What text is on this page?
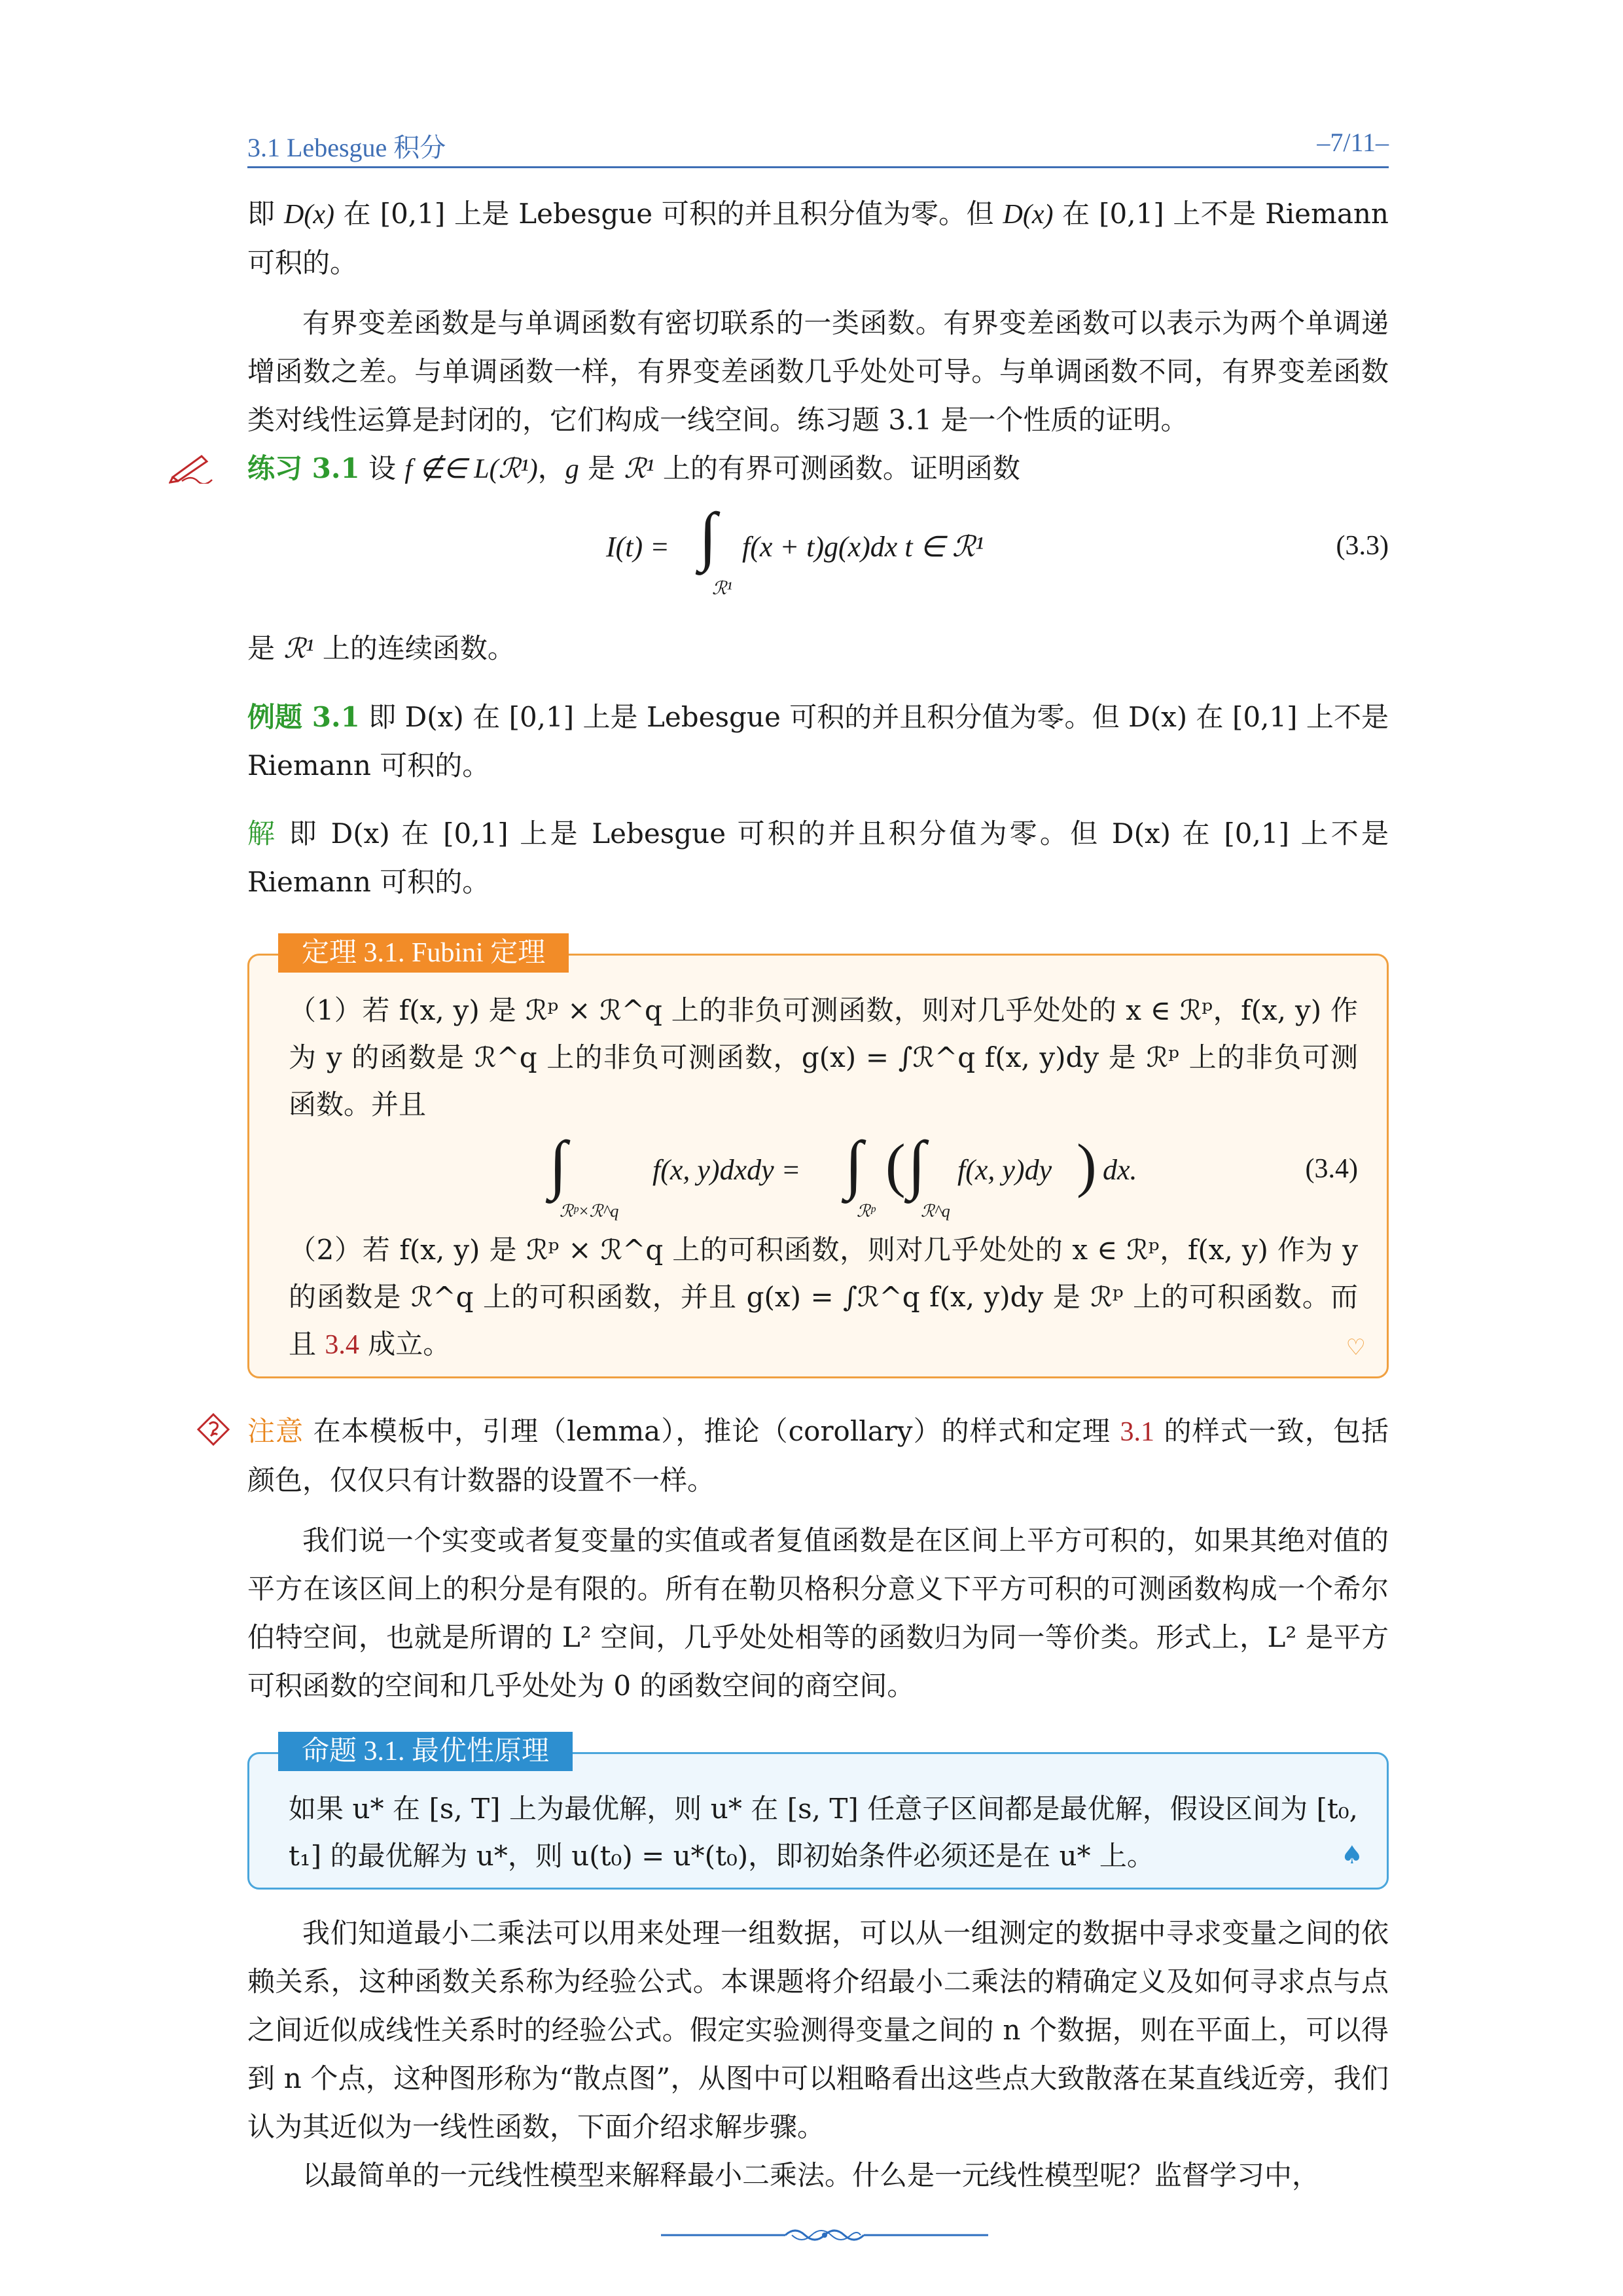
3.1 Lebesgue 积分	–7/11–

即 D(x) 在 [0,1] 上是 Lebesgue 可积的并且积分值为零。但 D(x) 在 [0,1] 上不是 Riemann 可积的。

有界变差函数是与单调函数有密切联系的一类函数。有界变差函数可以表示为两个单调递增函数之差。与单调函数一样，有界变差函数几乎处处可导。与单调函数不同，有界变差函数类对线性运算是封闭的，它们构成一线空间。练习题 3.1 是一个性质的证明。

练习 3.1 设 f ∉∈ L(ℛ¹)，g 是 ℛ¹ 上的有界可测函数。证明函数

I(t) = ∫
ℛ¹
f(x + t)g(x)dx t ∈ ℛ¹	(3.3)

是 ℛ¹ 上的连续函数。

例题 3.1 即 D(x) 在 [0,1] 上是 Lebesgue 可积的并且积分值为零。但 D(x) 在 [0,1] 上不是 Riemann 可积的。

解 即 D(x) 在 [0,1] 上是 Lebesgue 可积的并且积分值为零。但 D(x) 在 [0,1] 上不是 Riemann 可积的。

定理 3.1. Fubini 定理

（1）若 f(x, y) 是 ℛᵖ × ℛ^q 上的非负可测函数，则对几乎处处的 x ∈ ℛᵖ，f(x, y) 作为 y 的函数是 ℛ^q 上的非负可测函数，g(x) = ∫ℛ^q f(x, y)dy 是 ℛᵖ 上的非负可测函数。并且

∫
ℛᵖ×ℛ^q
f(x, y)dxdy = ∫
ℛᵖ
( ∫
ℛ^q
f(x, y)dy ) dx.	(3.4)

（2）若 f(x, y) 是 ℛᵖ × ℛ^q 上的可积函数，则对几乎处处的 x ∈ ℛᵖ，f(x, y) 作为 y 的函数是 ℛ^q 上的可积函数，并且 g(x) = ∫ℛ^q f(x, y)dy 是 ℛᵖ 上的可积函数。而且 3.4 成立。	♡

注意 在本模板中，引理（lemma），推论（corollary）的样式和定理 3.1 的样式一致，包括颜色，仅仅只有计数器的设置不一样。

我们说一个实变或者复变量的实值或者复值函数是在区间上平方可积的，如果其绝对值的平方在该区间上的积分是有限的。所有在勒贝格积分意义下平方可积的可测函数构成一个希尔伯特空间，也就是所谓的 L² 空间，几乎处处相等的函数归为同一等价类。形式上，L² 是平方可积函数的空间和几乎处处为 0 的函数空间的商空间。

命题 3.1. 最优性原理

如果 u* 在 [s, T] 上为最优解，则 u* 在 [s, T] 任意子区间都是最优解，假设区间为 [t₀, t₁] 的最优解为 u*，则 u(t₀) = u*(t₀)，即初始条件必须还是在 u* 上。	♠

我们知道最小二乘法可以用来处理一组数据，可以从一组测定的数据中寻求变量之间的依赖关系，这种函数关系称为经验公式。本课题将介绍最小二乘法的精确定义及如何寻求点与点之间近似成线性关系时的经验公式。假定实验测得变量之间的 n 个数据，则在平面上，可以得到 n 个点，这种图形称为“散点图”，从图中可以粗略看出这些点大致散落在某直线近旁，我们认为其近似为一线性函数，下面介绍求解步骤。

以最简单的一元线性模型来解释最小二乘法。什么是一元线性模型呢？监督学习中，
